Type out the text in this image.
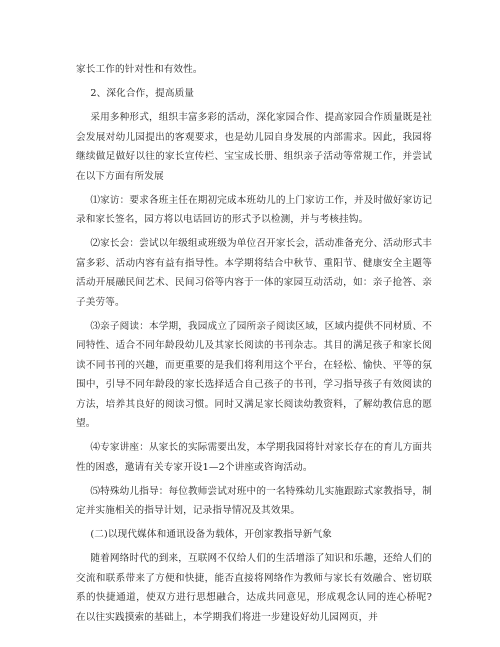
家长工作的针对性和有效性。

2、深化合作，提高质量

采用多种形式，组织丰富多彩的活动，深化家园合作、提高家园合作质量既是社会发展对幼儿园提出的客观要求，也是幼儿园自身发展的内部需求。因此，我园将继续做足做好以往的家长宣传栏、宝宝成长册、组织亲子活动等常规工作，并尝试在以下方面有所发展

⑴家访：要求各班主任在期初完成本班幼儿的上门家访工作，并及时做好家访记录和家长签名，园方将以电话回访的形式予以检测，并与考核挂钩。

⑵家长会：尝试以年级组或班级为单位召开家长会，活动准备充分、活动形式丰富多彩、活动内容有益有指导性。本学期将结合中秋节、重阳节、健康安全主题等活动开展融民间艺术、民间习俗等内容于一体的家园互动活动，如：亲子抢答、亲子美劳等。

⑶亲子阅读：本学期，我园成立了园所亲子阅读区域，区域内提供不同材质、不同特性、适合不同年龄段幼儿及其家长阅读的书刊杂志。其目的满足孩子和家长阅读不同书刊的兴趣，而更重要的是我们将利用这个平台，在轻松、愉快、平等的氛围中，引导不同年龄段的家长选择适合自己孩子的书刊，学习指导孩子有效阅读的方法，培养其良好的阅读习惯。同时又满足家长阅读幼教资料，了解幼教信息的愿望。

⑷专家讲座：从家长的实际需要出发，本学期我园将针对家长存在的育儿方面共性的困惑，邀请有关专家开设1—2个讲座或咨询活动。

⑸特殊幼儿指导：每位教师尝试对班中的一名特殊幼儿实施跟踪式家教指导，制定并实施相关的指导计划，记录指导情况及其效果。

(二)以现代媒体和通讯设备为载体，开创家教指导新气象

随着网络时代的到来，互联网不仅给人们的生活增添了知识和乐趣，还给人们的交流和联系带来了方便和快捷，能否直接将网络作为教师与家长有效融合、密切联系的快捷通道，使双方进行思想融合，达成共同意见，形成观念认同的连心桥呢?在以往实践摸索的基础上，本学期我们将进一步建设好幼儿园网页，并
